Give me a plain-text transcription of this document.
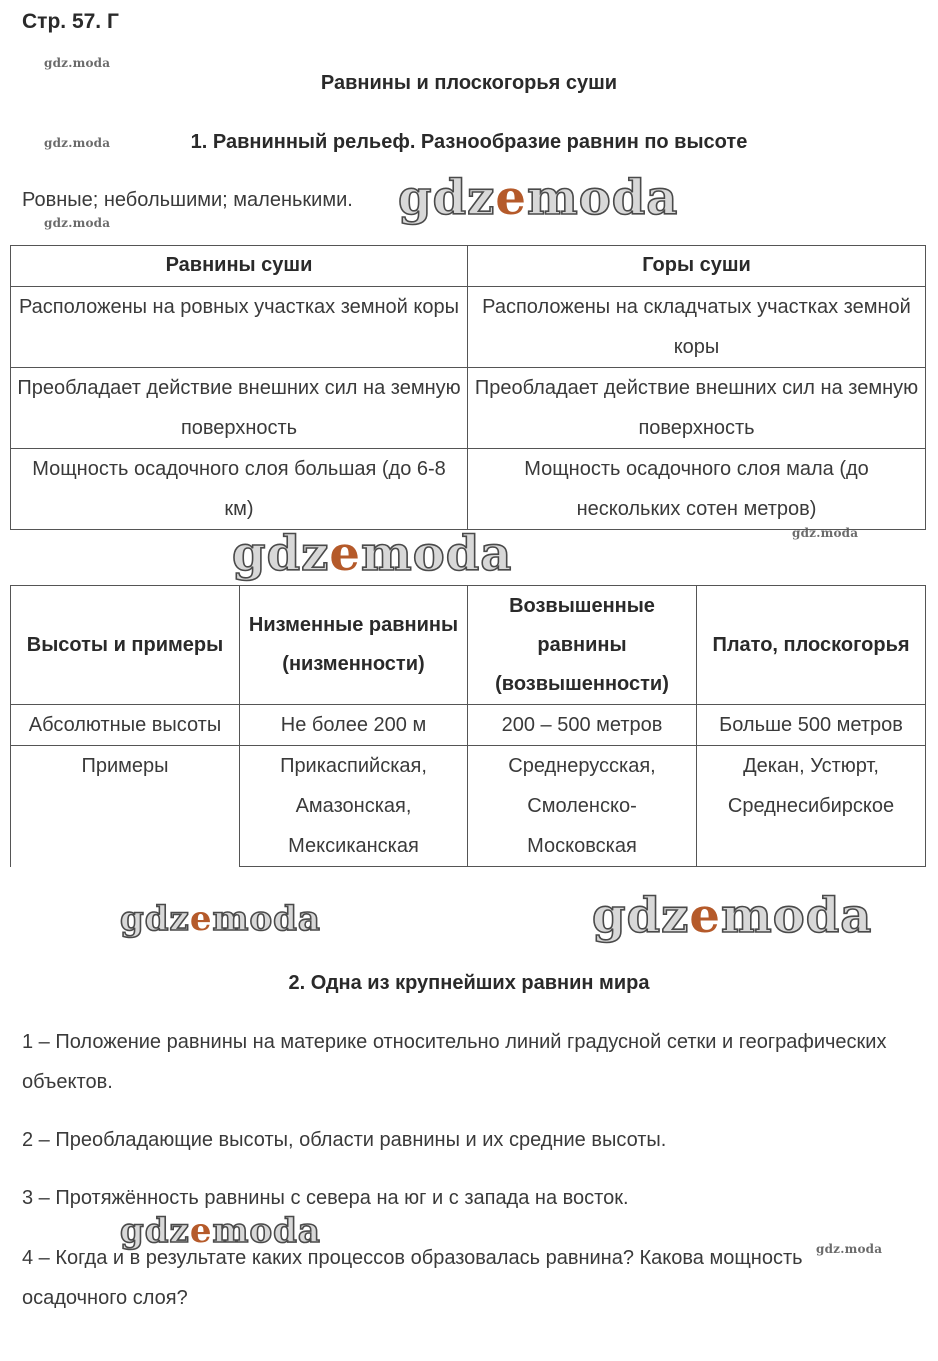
Стр. 57. Г
gdz.moda
gdz.moda
gdz.moda
gdz.moda
gdz.moda
Равнины и плоскогорья суши
1. Равнинный рельеф. Разнообразие равнин по высоте
Ровные; небольшими; маленькими. gdzemoda
Равнины суши	Горы суши
Расположены на ровных участках земной коры	Расположены на складчатых участках земной коры
Преобладает действие внешних сил на земную поверхность	Преобладает действие внешних сил на земную поверхность
Мощность осадочного слоя большая (до 6-8 км)	Мощность осадочного слоя мала (до нескольких сотен метров)
gdzemoda
Высоты и примеры	Низменные равнины (низменности)	Возвышенные равнины (возвышенности)	Плато, плоскогорья
Абсолютные высоты	Не более 200 м	200 – 500 метров	Больше 500 метров
Примеры	Прикаспийская, Амазонская, Мексиканская	Среднерусская, Смоленско-Московская	Декан, Устюрт, Среднесибирское
gdzemoda	gdzemoda
2. Одна из крупнейших равнин мира
1 – Положение равнины на материке относительно линий градусной сетки и географических объектов.
2 – Преобладающие высоты, области равнины и их средние высоты.
3 – Протяжённость равнины с севера на юг и с запада на восток.
gdzemoda
4 – Когда и в результате каких процессов образовалась равнина? Какова мощность осадочного слоя?
